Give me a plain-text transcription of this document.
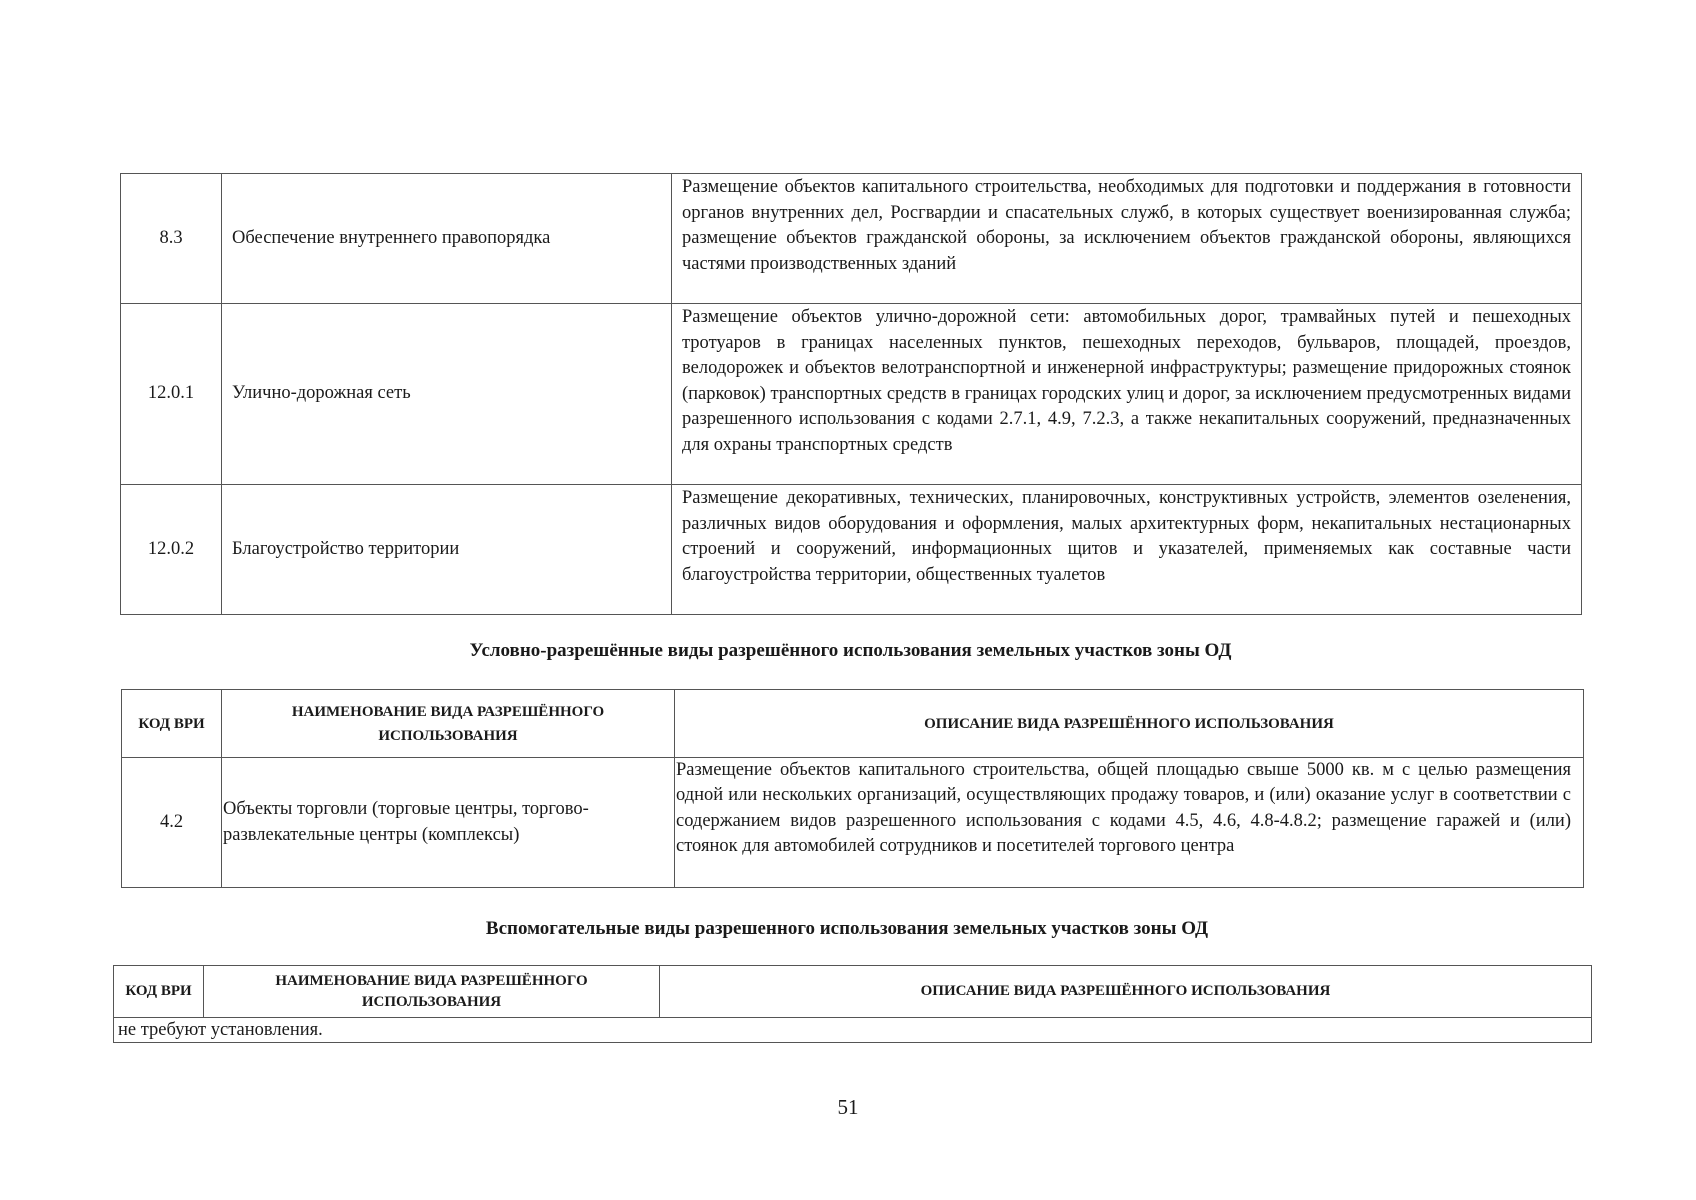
8.3	Обеспечение внутреннего правопорядка	Размещение объектов капитального строительства, необходимых для подготовки и поддержания в готовности органов внутренних дел, Росгвардии и спасательных служб, в которых существует военизированная служба; размещение объектов гражданской обороны, за исключением объектов гражданской обороны, являющихся частями производственных зданий
12.0.1	Улично-дорожная сеть	Размещение объектов улично-дорожной сети: автомобильных дорог, трамвайных путей и пешеходных тротуаров в границах населенных пунктов, пешеходных переходов, бульваров, площадей, проездов, велодорожек и объектов велотранспортной и инженерной инфраструктуры; размещение придорожных стоянок (парковок) транспортных средств в границах городских улиц и дорог, за исключением предусмотренных видами разрешенного использования с кодами 2.7.1, 4.9, 7.2.3, а также некапитальных сооружений, предназначенных для охраны транспортных средств
12.0.2	Благоустройство территории	Размещение декоративных, технических, планировочных, конструктивных устройств, элементов озеленения, различных видов оборудования и оформления, малых архитектурных форм, некапитальных нестационарных строений и сооружений, информационных щитов и указателей, применяемых как составные части благоустройства территории, общественных туалетов
Условно-разрешённые виды разрешённого использования земельных участков зоны ОД
КОД ВРИ	НАИМЕНОВАНИЕ ВИДА РАЗРЕШЁННОГО ИСПОЛЬЗОВАНИЯ	ОПИСАНИЕ ВИДА РАЗРЕШЁННОГО ИСПОЛЬЗОВАНИЯ
4.2	Объекты торговли (торговые центры, торгово-развлекательные центры (комплексы)	Размещение объектов капитального строительства, общей площадью свыше 5000 кв. м с целью размещения одной или нескольких организаций, осуществляющих продажу товаров, и (или) оказание услуг в соответствии с содержанием видов разрешенного использования с кодами 4.5, 4.6, 4.8-4.8.2; размещение гаражей и (или) стоянок для автомобилей сотрудников и посетителей торгового центра
Вспомогательные виды разрешенного использования земельных участков зоны ОД
КОД ВРИ	НАИМЕНОВАНИЕ ВИДА РАЗРЕШЁННОГО ИСПОЛЬЗОВАНИЯ	ОПИСАНИЕ ВИДА РАЗРЕШЁННОГО ИСПОЛЬЗОВАНИЯ
не требуют установления.
51
